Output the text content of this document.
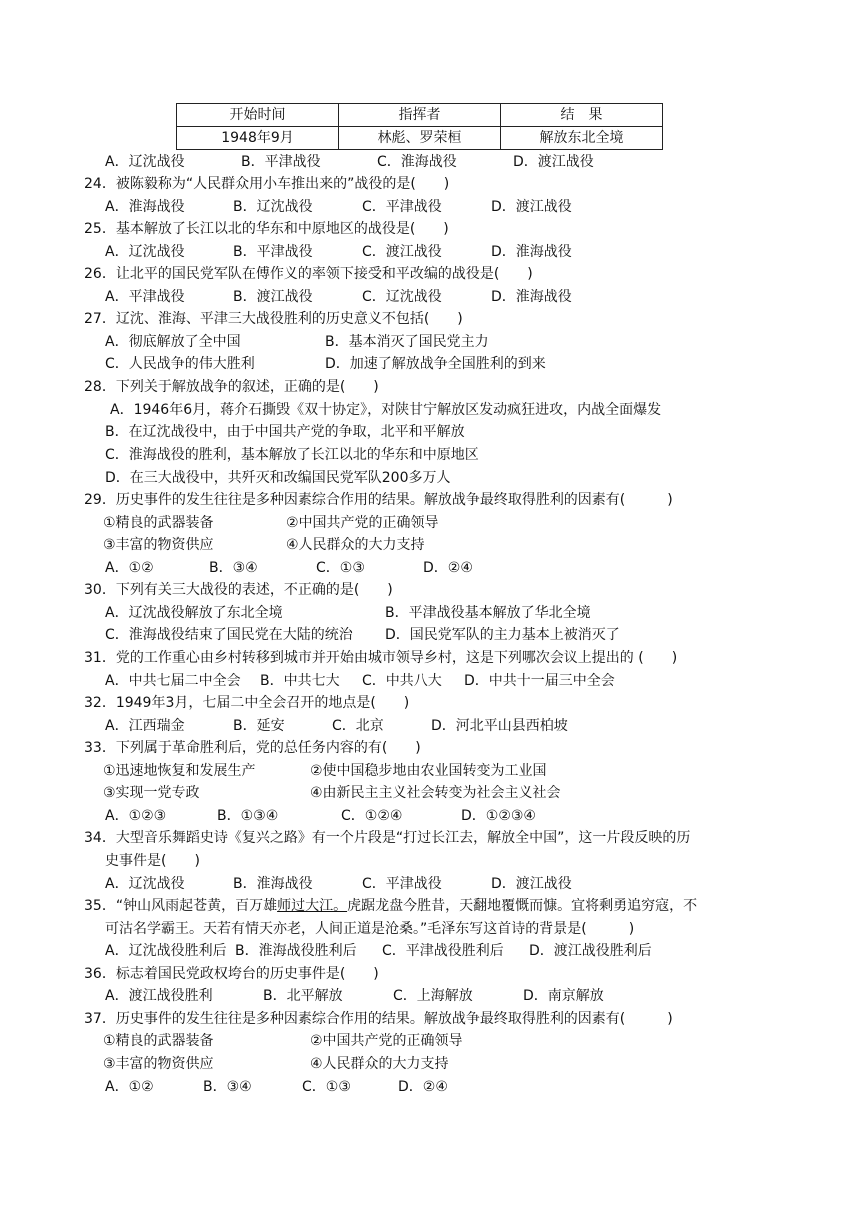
开始时间	指挥者	结　果
1948年9月	林彪、罗荣桓	解放东北全境
A．辽沈战役	B．平津战役	C．淮海战役	D．渡江战役
24．被陈毅称为“人民群众用小车推出来的”战役的是(　　)
A．淮海战役	B．辽沈战役	C．平津战役	D．渡江战役
25．基本解放了长江以北的华东和中原地区的战役是(　　)
A．辽沈战役	B．平津战役	C．渡江战役	D．淮海战役
26．让北平的国民党军队在傅作义的率领下接受和平改编的战役是(　　)
A．平津战役	B．渡江战役	C．辽沈战役	D．淮海战役
27．辽沈、淮海、平津三大战役胜利的历史意义不包括(　　)
A．彻底解放了全中国	B．基本消灭了国民党主力
C．人民战争的伟大胜利	D．加速了解放战争全国胜利的到来
28．下列关于解放战争的叙述，正确的是(　　)
A．1946年6月，蒋介石撕毁《双十协定》，对陕甘宁解放区发动疯狂进攻，内战全面爆发
B．在辽沈战役中，由于中国共产党的争取，北平和平解放
C．淮海战役的胜利，基本解放了长江以北的华东和中原地区
D．在三大战役中，共歼灭和改编国民党军队200多万人
29．历史事件的发生往往是多种因素综合作用的结果。解放战争最终取得胜利的因素有(　　　)
①精良的武器装备	②中国共产党的正确领导
③丰富的物资供应	④人民群众的大力支持
A．①②	B．③④	C．①③	D．②④
30．下列有关三大战役的表述，不正确的是(　　)
A．辽沈战役解放了东北全境	B．平津战役基本解放了华北全境
C．淮海战役结束了国民党在大陆的统治 D．国民党军队的主力基本上被消灭了
31．党的工作重心由乡村转移到城市并开始由城市领导乡村，这是下列哪次会议上提出的 (　　)
A．中共七届二中全会 B．中共七大 C．中共八大 D．中共十一届三中全会
32．1949年3月，七届二中全会召开的地点是(　　)
A．江西瑞金	B．延安	C．北京	D．河北平山县西柏坡
33．下列属于革命胜利后，党的总任务内容的有(　　)
①迅速地恢复和发展生产	②使中国稳步地由农业国转变为工业国
③实现一党专政	④由新民主主义社会转变为社会主义社会
A．①②③	B．①③④	C．①②④	D．①②③④
34．大型音乐舞蹈史诗《复兴之路》有一个片段是“打过长江去，解放全中国”，这一片段反映的历
史事件是(　　)
A．辽沈战役	B．淮海战役	C．平津战役	D．渡江战役
35．“钟山风雨起苍黄，百万雄师过大江。虎踞龙盘今胜昔，天翻地覆慨而慷。宜将剩勇追穷寇，不
可沽名学霸王。天若有情天亦老，人间正道是沧桑。”毛泽东写这首诗的背景是(　　　)
A．辽沈战役胜利后 B．淮海战役胜利后 C．平津战役胜利后 D．渡江战役胜利后
36．标志着国民党政权垮台的历史事件是(　　)
A．渡江战役胜利	B．北平解放	C．上海解放	D．南京解放
37．历史事件的发生往往是多种因素综合作用的结果。解放战争最终取得胜利的因素有(　　　)
①精良的武器装备	②中国共产党的正确领导
③丰富的物资供应	④人民群众的大力支持
A．①②	B．③④	C．①③	D．②④
